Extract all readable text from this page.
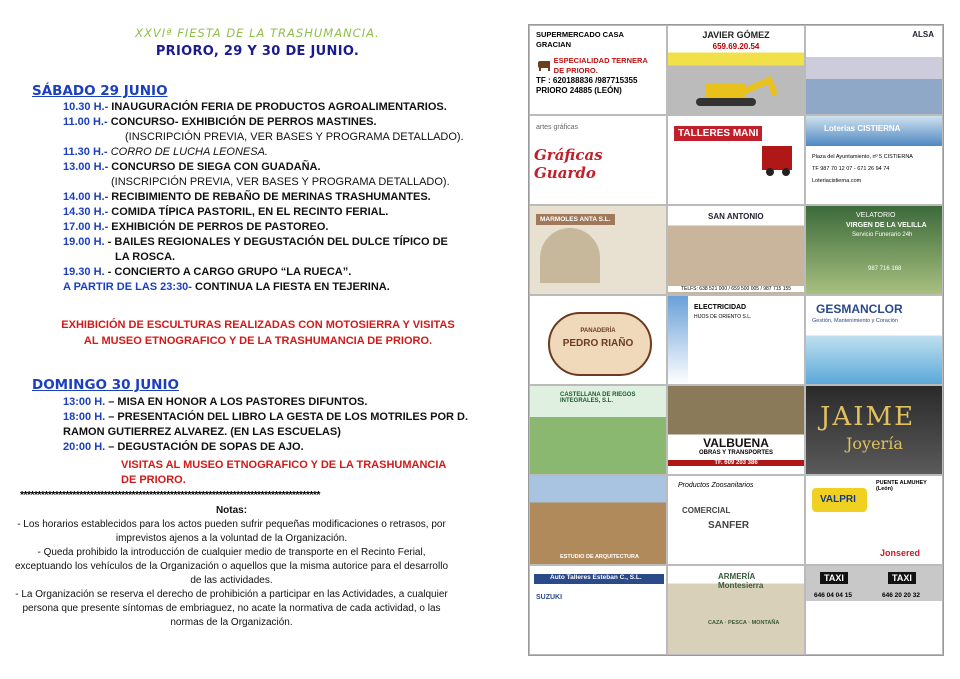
XXVIª FIESTA DE LA TRASHUMANCIA.
PRIORO, 29 Y 30 DE JUNIO.
SÁBADO 29 JUNIO
10.30 H.- INAUGURACIÓN FERIA DE PRODUCTOS AGROALIMENTARIOS.
11.00 H.- CONCURSO- EXHIBICIÓN DE PERROS MASTINES.
(INSCRIPCIÓN PREVIA, VER BASES Y PROGRAMA DETALLADO).
11.30 H.- CORRO DE LUCHA LEONESA.
13.00 H.- CONCURSO DE SIEGA CON GUADAÑA.
(INSCRIPCIÓN PREVIA, VER BASES Y PROGRAMA DETALLADO).
14.00 H.- RECIBIMIENTO DE REBAÑO DE MERINAS TRASHUMANTES.
14.30 H.- COMIDA TÍPICA PASTORIL, EN EL RECINTO FERIAL.
17.00 H.- EXHIBICIÓN DE PERROS DE PASTOREO.
19.00 H. - BAILES REGIONALES Y DEGUSTACIÓN DEL DULCE TÍPICO DE
LA ROSCA.
19.30 H. - CONCIERTO A CARGO GRUPO “LA RUECA”.
A PARTIR DE LAS 23:30- CONTINUA LA FIESTA EN TEJERINA.
EXHIBICIÓN DE ESCULTURAS REALIZADAS CON MOTOSIERRA Y VISITAS AL MUSEO ETNOGRAFICO Y DE LA TRASHUMANCIA DE PRIORO.
DOMINGO 30 JUNIO
13:00 H. – MISA EN HONOR A LOS PASTORES DIFUNTOS.
18:00 H. – PRESENTACIÓN DEL LIBRO LA GESTA DE LOS MOTRILES POR D.
RAMON GUTIERREZ ALVAREZ. (EN LAS ESCUELAS)
20:00 H. – DEGUSTACIÓN DE SOPAS DE AJO.
VISITAS AL MUSEO ETNOGRAFICO Y DE LA TRASHUMANCIA DE PRIORO.
**************************************************************************************
Notas:
- Los horarios establecidos para los actos pueden sufrir pequeñas modificaciones o retrasos, por imprevistos ajenos a la voluntad de la Organización.
- Queda prohibido la introducción de cualquier medio de transporte en el Recinto Ferial, exceptuando los vehículos de la Organización o aquellos que la misma autorice para el desarrollo de las actividades.
- La Organización se reserva el derecho de prohibición a participar en las Actividades, a cualquier persona que presente síntomas de embriaguez, no acate la normativa de cada actividad, o las normas de la Organización.
SUPERMERCADO CASA GRACIAN
ESPECIALIDAD TERNERA DE PRIORO.
TF : 620188836 /987715355
PRIORO 24885 (LEÓN)
JAVIER GÓMEZ
659.69.20.54
ALSA
artes gráficas
Gráficas Guardo
TALLERES MANI	Loterias CISTIERNA
Plaza del Ayuntamiento, nº 5 CISTIERNA
TF 987 70 12 07 - 671 26 94 74
Loteriacistierna.com
MARMOLES ANTA S.L.	SAN ANTONIO
TELFS: 638 521 000 / 659 500 005 / 987 715 155
VELATORIO
VIRGEN DE LA VELILLA
Servicio Funerario 24h
987 716 168
PANADERÍA
PEDRO RIAÑO
ELECTRICIDAD
HIJOS DE ORIENTO S.L.
GESMANCLOR
Gestión, Mantenimiento y Coración
CASTELLANA DE RIEGOS INTEGRALES, S.L.
VALBUENA
OBRAS Y TRANSPORTES
TF. 609 203 386
JAIME
Joyería
ESTUDIO DE ARQUITECTURA
Productos Zoosanitarios
COMERCIAL
SANFER
PUENTE ALMUHEY (León)
VALPRI
Jonsered
Auto Talleres Esteban C., S.L.
SUZUKI
ARMERÍA Montesierra
CAZA · PESCA · MONTAÑA
TAXI
646 04 04 15
TAXI
646 20 20 32
